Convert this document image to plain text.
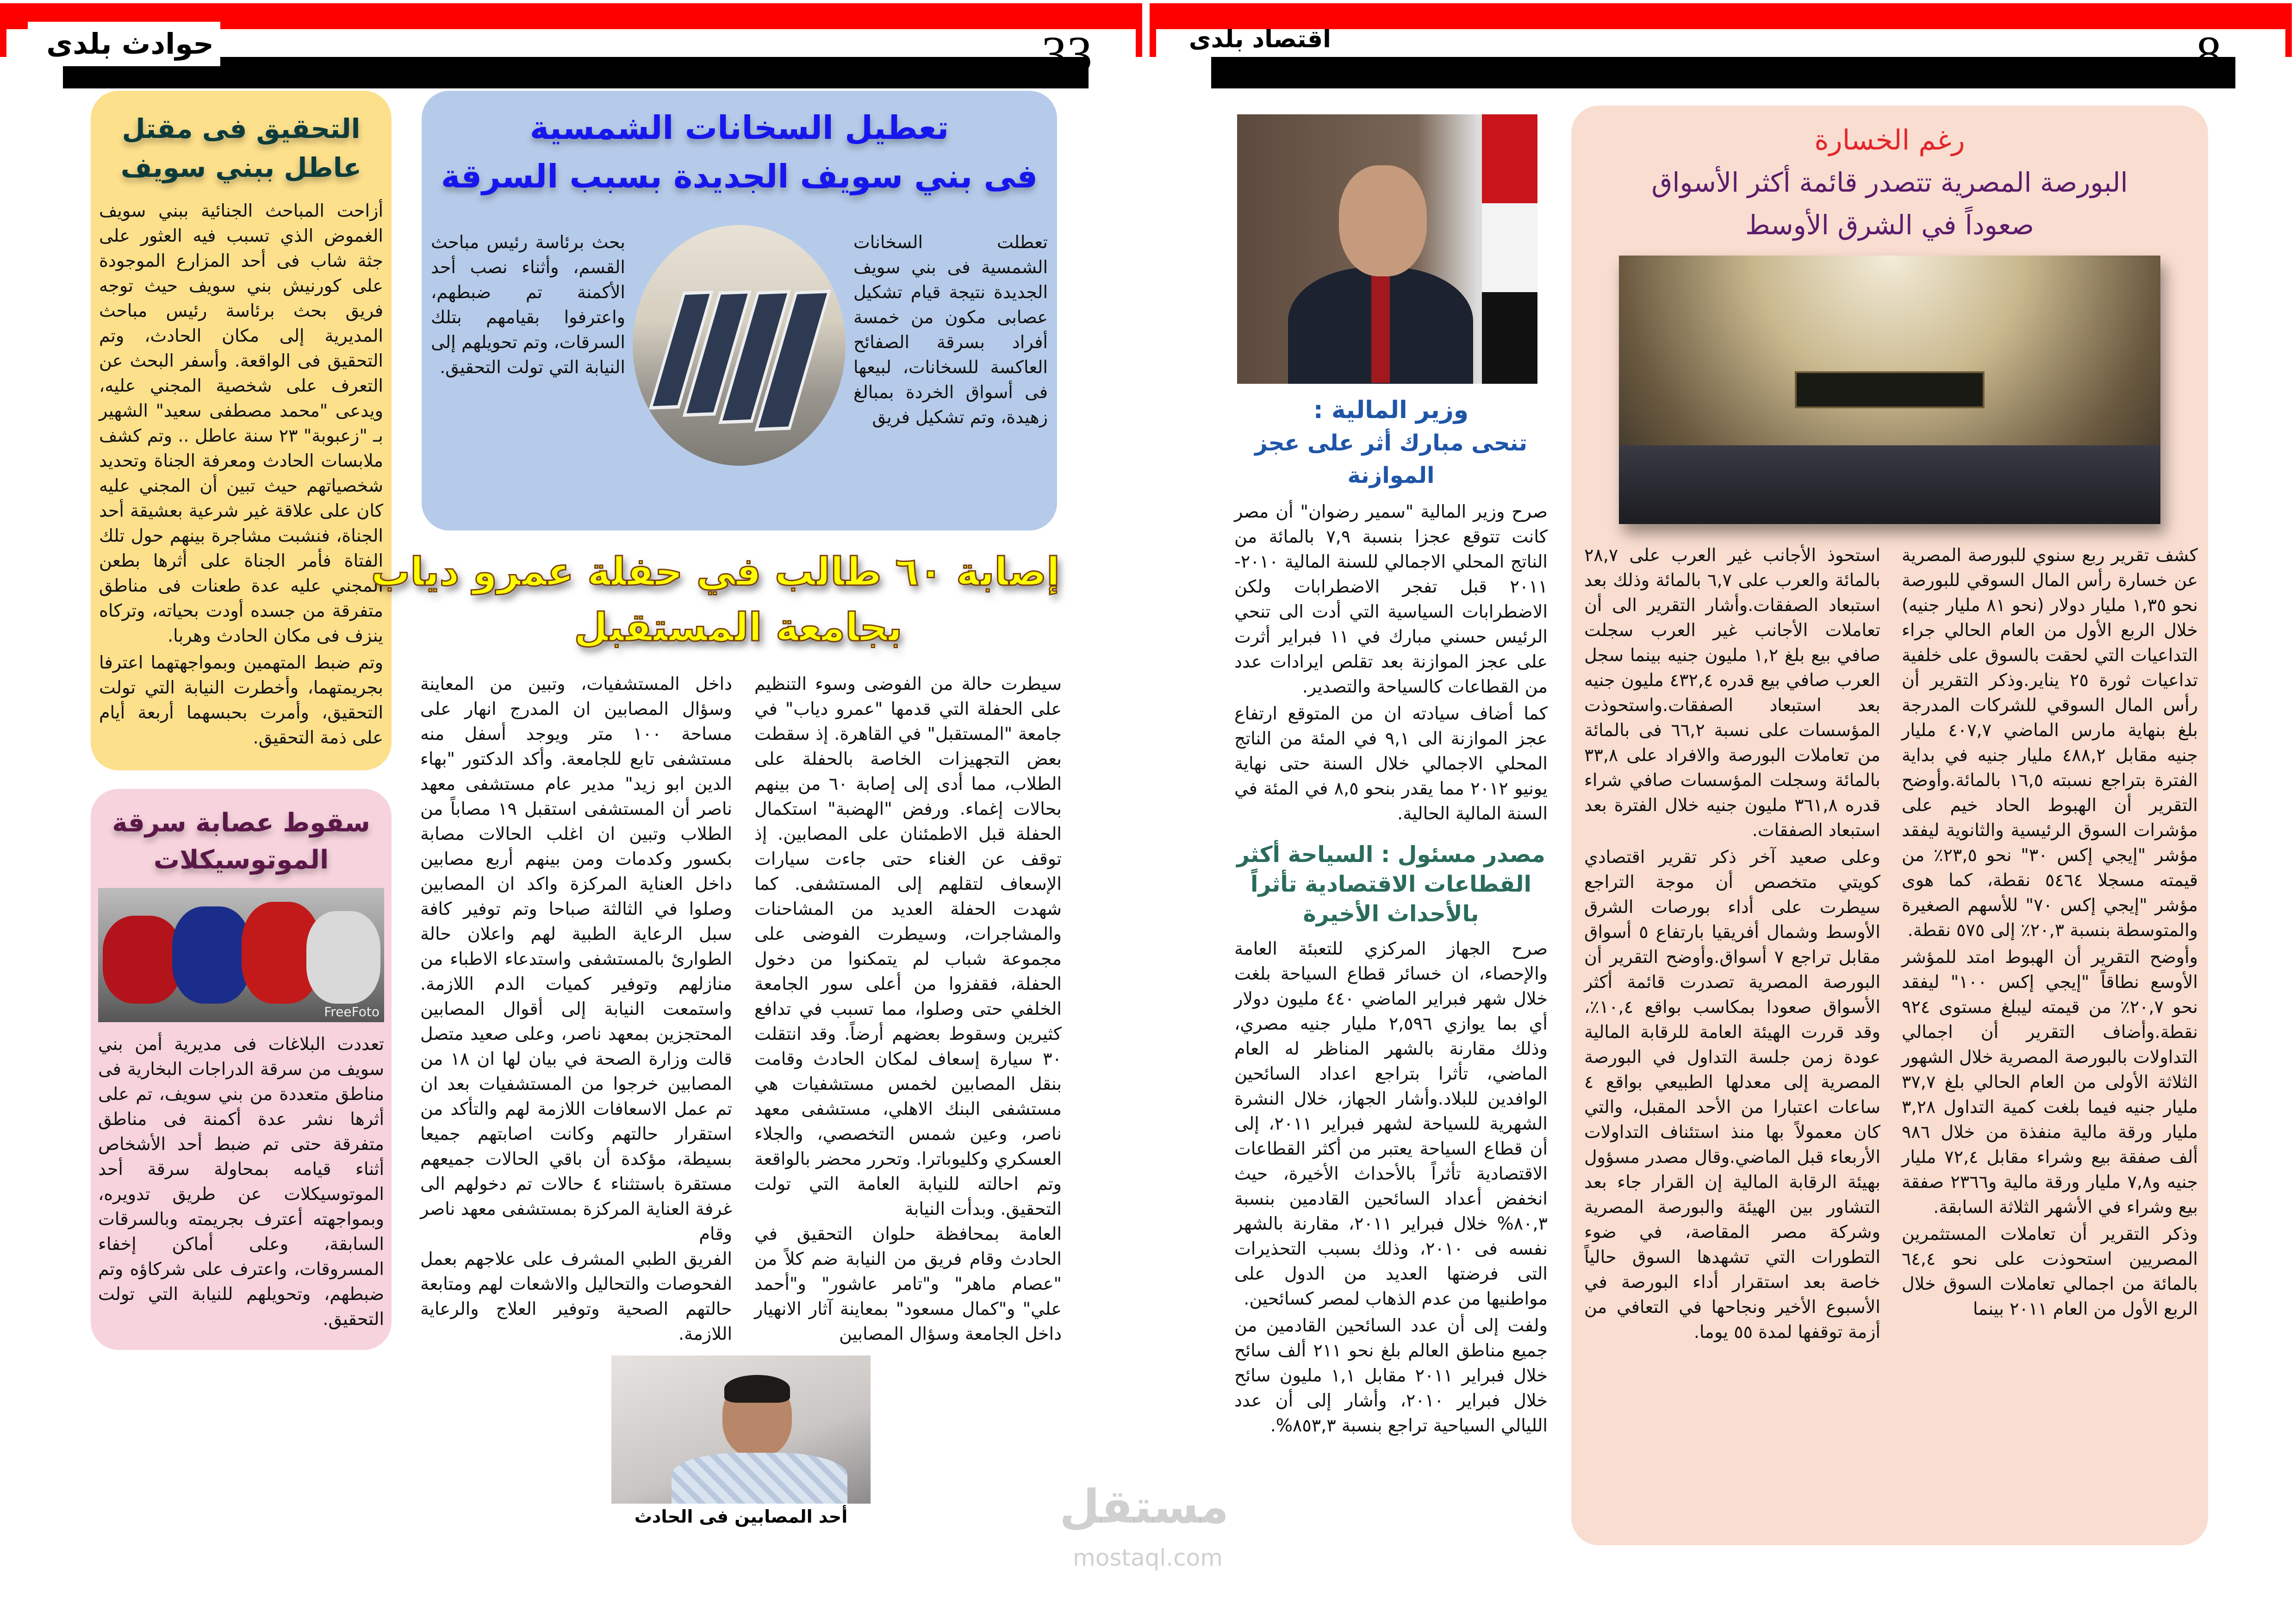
حوادث بلدى	33	اقتصاد بلدى	8
التحقيق فى مقتل عاطل ببني سويف

أزاحت المباحث الجنائية ببني سويف الغموض الذي تسبب فيه العثور على جثة شاب فى أحد المزارع الموجودة على كورنيش بني سويف حيث توجه فريق بحث برئاسة رئيس مباحث المديرية إلى مكان الحادث، وتم التحقيق فى الواقعة. وأسفر البحث عن التعرف على شخصية المجني عليه، ويدعى "محمد مصطفى سعيد" الشهير بـ "زعبوبة" ٢٣ سنة عاطل .. وتم كشف ملابسات الحادث ومعرفة الجناة وتحديد شخصياتهم حيث تبين أن المجني عليه كان على علاقة غير شرعية بعشيقة أحد الجناة، فنشبت مشاجرة بينهم حول تلك الفتاة فأمر الجناة على أثرها بطعن المجني عليه عدة طعنات فى مناطق متفرقة من جسده أودت بحياته، وتركاه ينزف فى مكان الحادث وهربا.

وتم ضبط المتهمين وبمواجهتهما اعترفا بجريمتهما، وأخطرت النيابة التي تولت التحقيق، وأمرت بحبسهما أربعة أيام على ذمة التحقيق.

سقوط عصابة سرقة الموتوسيكلات
FreeFoto
تعددت البلاغات فى مديرية أمن بني سويف من سرقة الدراجات البخارية فى مناطق متعددة من بني سويف، تم على أثرها نشر عدة أكمنة فى مناطق متفرقة حتى تم ضبط أحد الأشخاص أثناء قيامه بمحاولة سرقة أحد الموتوسيكلات عن طريق تدويره، وبمواجهته أعترف بجريمته وبالسرقات السابقة، وعلى أماكن إخفاء المسروقات، واعترف على شركاؤه وتم ضبطهم، وتحويلهم للنيابة التي تولت التحقيق.
تعطيل السخانات الشمسية
فى بني سويف الجديدة بسبب السرقة
تعطلت السخانات الشمسية فى بني سويف الجديدة نتيجة قيام تشكيل عصابى مكون من خمسة أفراد بسرقة الصفائح العاكسة للسخانات، لبيعها فى أسواق الخردة بمبالغ زهيدة، وتم تشكيل فريق
بحث برئاسة رئيس مباحث القسم، وأثناء نصب أحد الأكمنة تم ضبطهم، واعترفوا بقيامهم بتلك السرقات، وتم تحويلهم إلى النيابة التي تولت التحقيق.
إصابة ٦٠ طالب في حفلة عمرو دياب
بجامعة المستقبل
سيطرت حالة من الفوضى وسوء التنظيم على الحفلة التي قدمها "عمرو دياب" في جامعة "المستقبل" في القاهرة. إذ سقطت بعض التجهيزات الخاصة بالحفلة على الطلاب، مما أدى إلى إصابة ٦٠ من بينهم بحالات إغماء. ورفض "الهضبة" استكمال الحفلة قبل الاطمئنان على المصابين. إذ توقف عن الغناء حتى جاءت سيارات الإسعاف لتقلهم إلى المستشفى. كما شهدت الحفلة العديد من المشاحنات والمشاجرات، وسيطرت الفوضى على مجموعة شباب لم يتمكنوا من دخول الحفلة، فقفزوا من أعلى سور الجامعة الخلفي حتى وصلوا، مما تسبب في تدافع كثيرين وسقوط بعضهم أرضاً. وقد انتقلت ٣٠ سيارة إسعاف لمكان الحادث وقامت بنقل المصابين لخمس مستشفيات هي مستشفى البنك الاهلي، مستشفى معهد ناصر، وعين شمس التخصصي، والجلاء العسكري وكليوباترا. وتحرر محضر بالواقعة وتم احالته للنيابة العامة التي تولت التحقيق. وبدأت النيابة
العامة بمحافظة حلوان التحقيق في الحادث وقام فريق من النيابة ضم كلاً من "عصام ماهر" و"تامر عاشور" و"أحمد علي" و"كمال مسعود" بمعاينة آثار الانهيار داخل الجامعة وسؤال المصابين
داخل المستشفيات، وتبين من المعاينة وسؤال المصابين ان المدرج انهار على مساحة ١٠٠ متر ويوجد أسفل منه مستشفى تابع للجامعة. وأكد الدكتور "بهاء الدين ابو زيد" مدير عام مستشفى معهد ناصر أن المستشفى استقبل ١٩ مصاباً من الطلاب وتبين ان اغلب الحالات مصابة بكسور وكدمات ومن بينهم أربع مصابين داخل العناية المركزة واكد ان المصابين وصلوا في الثالثة صباحا وتم توفير كافة سبل الرعاية الطبية لهم واعلان حالة الطوارئ بالمستشفى واستدعاء الاطباء من منازلهم وتوفير كميات الدم اللازمة. واستمعت النيابة إلى أقوال المصابين المحتجزين بمعهد ناصر، وعلى صعيد متصل قالت وزارة الصحة في بيان لها ان ١٨ من المصابين خرجوا من المستشفيات بعد ان تم عمل الاسعافات اللازمة لهم والتأكد من استقرار حالتهم وكانت اصابتهم جميعا بسيطة، مؤكدة أن باقي الحالات جميعهم مستقرة باستثناء ٤ حالات تم دخولهم الى غرفة العناية المركزة بمستشفى معهد ناصر وقام
الفريق الطبي المشرف على علاجهم بعمل الفحوصات والتحاليل والاشعات لهم ومتابعة حالتهم الصحية وتوفير العلاج والرعاية اللازمة.
أحد المصابين فى الحادث
وزير المالية :
تنحى مبارك أثر على عجز الموازنة

صرح وزير المالية "سمير رضوان" أن مصر كانت تتوقع عجزا بنسبة ٧,٩ بالمائة من الناتج المحلي الاجمالي للسنة المالية ٢٠١٠- ٢٠١١ قبل تفجر الاضطرابات ولكن الاضطرابات السياسية التي أدت الى تنحي الرئيس حسني مبارك في ١١ فبراير أثرت على عجز الموازنة بعد تقلص ايرادات عدد من القطاعات كالسياحة والتصدير.

كما أضاف سيادته ان من المتوقع ارتفاع عجز الموازنة الى ٩,١ في المئة من الناتج المحلي الاجمالي خلال السنة حتى نهاية يونيو ٢٠١٢ مما يقدر بنحو ٨,٥ في المئة في السنة المالية الحالية.

مصدر مسئول : السياحة أكثر
القطاعات الاقتصادية تأثراً
بالأحداث الأخيرة

صرح الجهاز المركزي للتعبئة العامة والإحصاء، ان خسائر قطاع السياحة بلغت خلال شهر فبراير الماضي ٤٤٠ مليون دولار أي بما يوازي ٢,٥٩٦ مليار جنيه مصري، وذلك مقارنة بالشهر المناظر له العام الماضي، تأثرا بتراجع اعداد السائحين الوافدين للبلاد.وأشار الجهاز، خلال النشرة الشهرية للسياحة لشهر فبراير ٢٠١١، إلى أن قطاع السياحة يعتبر من أكثر القطاعات الاقتصادية تأثراً بالأحداث الأخيرة، حيث انخفض أعداد السائحين القادمين بنسبة ٨٠,٣% خلال فبراير ٢٠١١، مقارنة بالشهر نفسه فى ٢٠١٠، وذلك بسبب التحذيرات التى فرضتها العديد من الدول على مواطنيها من عدم الذهاب لمصر كسائحين.

ولفت إلى أن عدد السائحين القادمين من جميع مناطق العالم بلغ نحو ٢١١ ألف سائح خلال فبراير ٢٠١١ مقابل ١,١ مليون سائح خلال فبراير ٢٠١٠، وأشار إلى أن عدد الليالي السياحية تراجع بنسبة ٨٥٣,٣%.

رغم الخسارة
البورصة المصرية تتصدر قائمة أكثر الأسواق
صعوداً في الشرق الأوسط

كشف تقرير ربع سنوي للبورصة المصرية عن خسارة رأس المال السوقي للبورصة نحو ١,٣٥ مليار دولار (نحو ٨١ مليار جنيه) خلال الربع الأول من العام الحالي جراء التداعيات التي لحقت بالسوق على خلفية تداعيات ثورة ٢٥ يناير.وذكر التقرير أن رأس المال السوقي للشركات المدرجة بلغ بنهاية مارس الماضي ٤٠٧,٧ مليار جنيه مقابل ٤٨٨,٢ مليار جنيه في بداية الفترة بتراجع نسبته ١٦,٥ بالمائة.وأوضح التقرير أن الهبوط الحاد خيم على مؤشرات السوق الرئيسية والثانوية ليفقد مؤشر "إيجي إكس ٣٠" نحو ٢٣,٥٪ من قيمته مسجلا ٥٤٦٤ نقطة، كما هوى مؤشر "إيجي إكس ٧٠" للأسهم الصغيرة والمتوسطة بنسبة ٢٠,٣٪ إلى ٥٧٥ نقطة.

وأوضح التقرير أن الهبوط امتد للمؤشر الأوسع نطاقاً "إيجي إكس ١٠٠" ليفقد نحو ٢٠,٧٪ من قيمته ليبلغ مستوى ٩٢٤ نقطة.وأضاف التقرير أن اجمالي التداولات بالبورصة المصرية خلال الشهور الثلاثة الأولى من العام الحالي بلغ ٣٧,٧ مليار جنيه فيما بلغت كمية التداول ٣,٢٨ مليار ورقة مالية منفذة من خلال ٩٨٦ ألف صفقة بيع وشراء مقابل ٧٢,٤ مليار جنيه و٧,٨ مليار ورقة مالية و٢٣٦٦ صفقة بيع وشراء في الأشهر الثلاثة السابقة.

وذكر التقرير أن تعاملات المستثمرين المصريين استحوذت على نحو ٦٤,٤ بالمائة من اجمالي تعاملات السوق خلال الربع الأول من العام ٢٠١١ بينما

استحوذ الأجانب غير العرب على ٢٨,٧ بالمائة والعرب على ٦,٧ بالمائة وذلك بعد استبعاد الصفقات.وأشار التقرير الى أن تعاملات الأجانب غير العرب سجلت صافي بيع بلغ ١,٢ مليون جنيه بينما سجل العرب صافي بيع قدره ٤٣٢,٤ مليون جنيه بعد استبعاد الصفقات.واستحوذت المؤسسات على نسبة ٦٦,٢ فى بالمائة من تعاملات البورصة والافراد على ٣٣,٨ بالمائة وسجلت المؤسسات صافي شراء قدره ٣٦١,٨ مليون جنيه خلال الفترة بعد استبعاد الصفقات.

وعلى صعيد آخر ذكر تقرير اقتصادي كويتي متخصص أن موجة التراجع سيطرت على أداء بورصات الشرق الأوسط وشمال أفريقيا بارتفاع ٥ أسواق مقابل تراجع ٧ أسواق.وأوضح التقرير أن البورصة المصرية تصدرت قائمة أكثر الأسواق صعودا بمكاسب بواقع ١٠,٤٪، وقد قررت الهيئة العامة للرقابة المالية عودة زمن جلسة التداول في البورصة المصرية إلى معدلها الطبيعي بواقع ٤ ساعات اعتبارا من الأحد المقبل، والتي كان معمولاً بها منذ استئناف التداولات الأربعاء قبل الماضي.وقال مصدر مسؤول بهيئة الرقابة المالية إن القرار جاء بعد التشاور بين الهيئة والبورصة المصرية وشركة مصر المقاصة، في ضوء التطورات التي تشهدها السوق حالياً خاصة بعد استقرار أداء البورصة في الأسبوع الأخير ونجاحها في التعافي من أزمة توقفها لمدة ٥٥ يوما.

مستقل
mostaql.com
